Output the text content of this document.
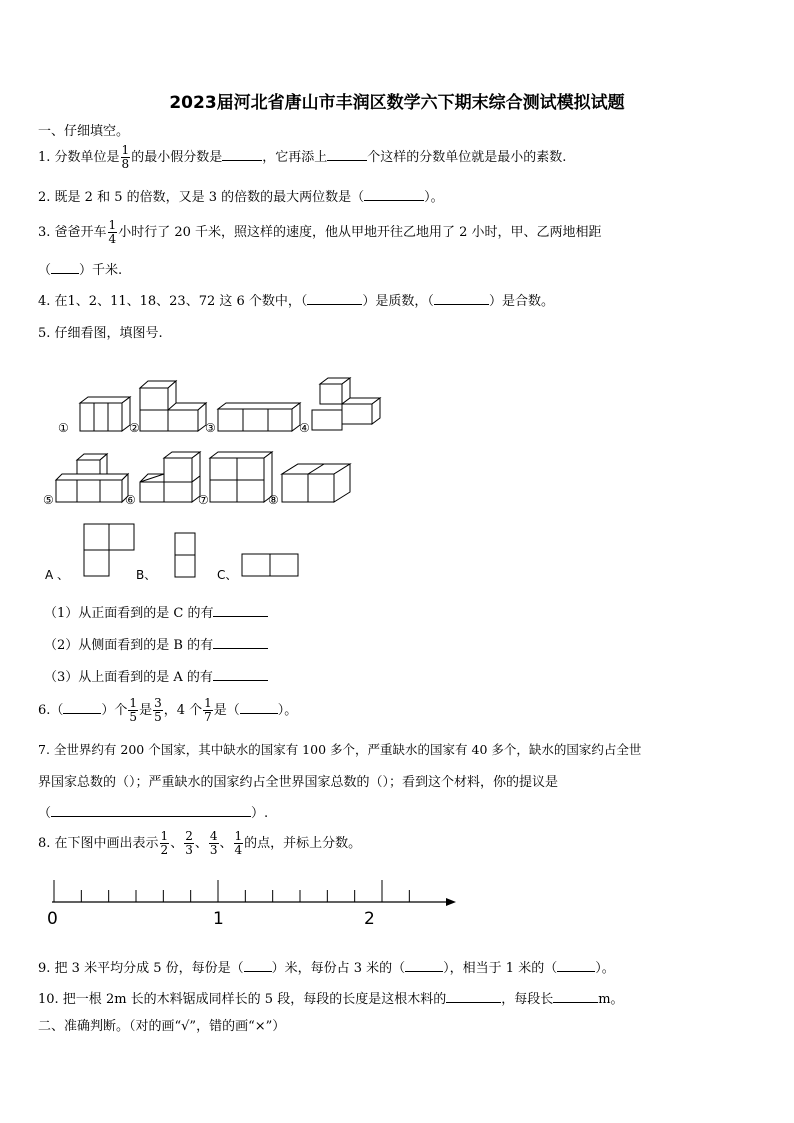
2023届河北省唐山市丰润区数学六下期末综合测试模拟试题
一、仔细填空。
1. 分数单位是 $\frac{1}{8}$ 的最小假分数是	，它再添上	个这样的分数单位就是最小的素数.
2. 既是 2 和 5 的倍数，又是 3 的倍数的最大两位数是（	）。
3. 爸爸开车 $\frac{1}{4}$ 小时行了 20 千米，照这样的速度，他从甲地开往乙地用了 2 小时，甲、乙两地相距
（ ）千米.
4. 在1、2、11、18、23、72 这 6 个数中，（	）是质数，（	）是合数。
5. 仔细看图，填图号.
①	②	③	④
⑤	⑥	⑦	⑧
A 、	B、	C、
（1）从正面看到的是 C 的有
（2）从侧面看到的是 B 的有
（3）从上面看到的是 A 的有
6.（	）个 $\frac{1}{5}$ 是 $\frac{3}{5}$ ，4 个 $\frac{1}{7}$ 是（	）。
7. 全世界约有 200 个国家，其中缺水的国家有 100 多个，严重缺水的国家有 40 多个，缺水的国家约占全世
界国家总数的（）；严重缺水的国家约占全世界国家总数的（）；看到这个材料，你的提议是
（	）.
8. 在下图中画出表示 $\frac{1}{2}$ 、 $\frac{2}{3}$ 、 $\frac{4}{3}$ 、 $\frac{1}{4}$ 的点，并标上分数。
0	1	2
9. 把 3 米平均分成 5 份，每份是（ ）米，每份占 3 米的（	），相当于 1 米的（	）。
10. 把一根 2m 长的木料锯成同样长的 5 段，每段的长度是这根木料的	，每段长	m。
二、准确判断。（对的画“√”，错的画“×”）
